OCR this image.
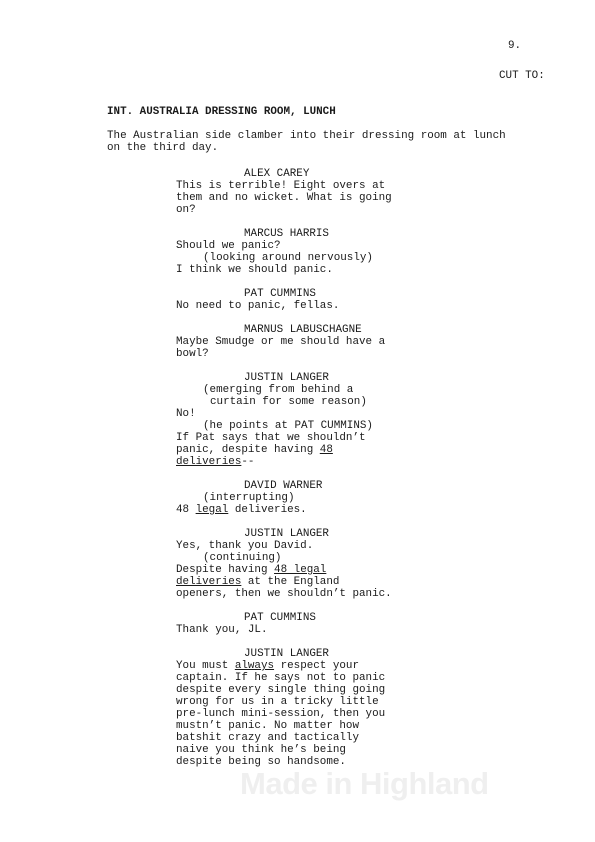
9.
CUT TO:
INT. AUSTRALIA DRESSING ROOM, LUNCH
The Australian side clamber into their dressing room at lunch
on the third day.
ALEX CAREY
This is terrible! Eight overs at
them and no wicket. What is going
on?
MARCUS HARRIS
Should we panic?
(looking around nervously)
I think we should panic.
PAT CUMMINS
No need to panic, fellas.
MARNUS LABUSCHAGNE
Maybe Smudge or me should have a
bowl?
JUSTIN LANGER
(emerging from behind a
curtain for some reason)
No!
(he points at PAT CUMMINS)
If Pat says that we shouldn’t
panic, despite having 48
deliveries--
DAVID WARNER
(interrupting)
48 legal deliveries.
JUSTIN LANGER
Yes, thank you David.
(continuing)
Despite having 48 legal
deliveries at the England
openers, then we shouldn’t panic.
PAT CUMMINS
Thank you, JL.
JUSTIN LANGER
You must always respect your
captain. If he says not to panic
despite every single thing going
wrong for us in a tricky little
pre-lunch mini-session, then you
mustn’t panic. No matter how
batshit crazy and tactically
naive you think he’s being
despite being so handsome.
Made in Highland
